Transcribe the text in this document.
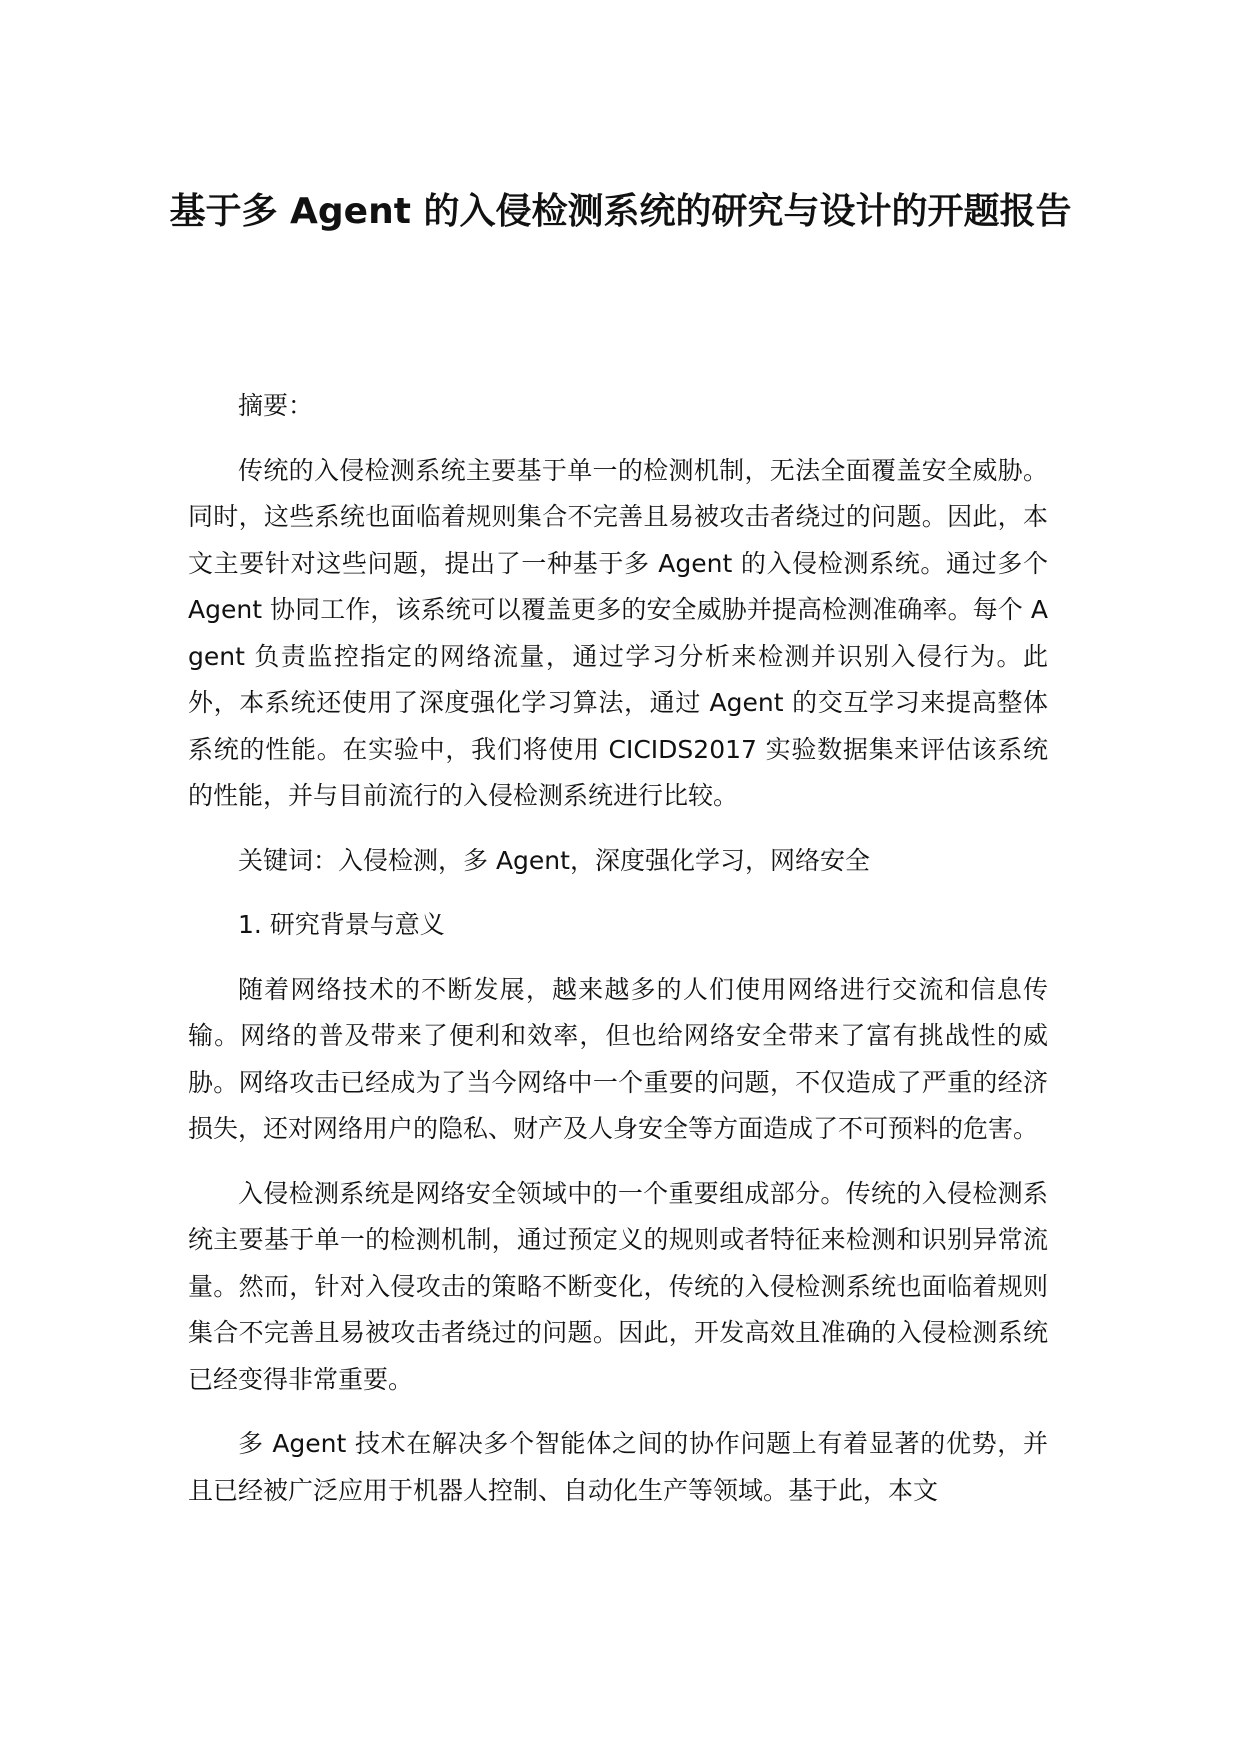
基于多 Agent 的入侵检测系统的研究与设计的开题报告

摘要：

传统的入侵检测系统主要基于单一的检测机制，无法全面覆盖安全威胁。同时，这些系统也面临着规则集合不完善且易被攻击者绕过的问题。因此，本文主要针对这些问题，提出了一种基于多 Agent 的入侵检测系统。通过多个 Agent 协同工作，该系统可以覆盖更多的安全威胁并提高检测准确率。每个 Agent 负责监控指定的网络流量，通过学习分析来检测并识别入侵行为。此外，本系统还使用了深度强化学习算法，通过 Agent 的交互学习来提高整体系统的性能。在实验中，我们将使用 CICIDS2017 实验数据集来评估该系统的性能，并与目前流行的入侵检测系统进行比较。

关键词：入侵检测，多 Agent，深度强化学习，网络安全

1. 研究背景与意义

随着网络技术的不断发展，越来越多的人们使用网络进行交流和信息传输。网络的普及带来了便利和效率，但也给网络安全带来了富有挑战性的威胁。网络攻击已经成为了当今网络中一个重要的问题，不仅造成了严重的经济损失，还对网络用户的隐私、财产及人身安全等方面造成了不可预料的危害。

入侵检测系统是网络安全领域中的一个重要组成部分。传统的入侵检测系统主要基于单一的检测机制，通过预定义的规则或者特征来检测和识别异常流量。然而，针对入侵攻击的策略不断变化，传统的入侵检测系统也面临着规则集合不完善且易被攻击者绕过的问题。因此，开发高效且准确的入侵检测系统已经变得非常重要。

多 Agent 技术在解决多个智能体之间的协作问题上有着显著的优势，并且已经被广泛应用于机器人控制、自动化生产等领域。基于此，本文
